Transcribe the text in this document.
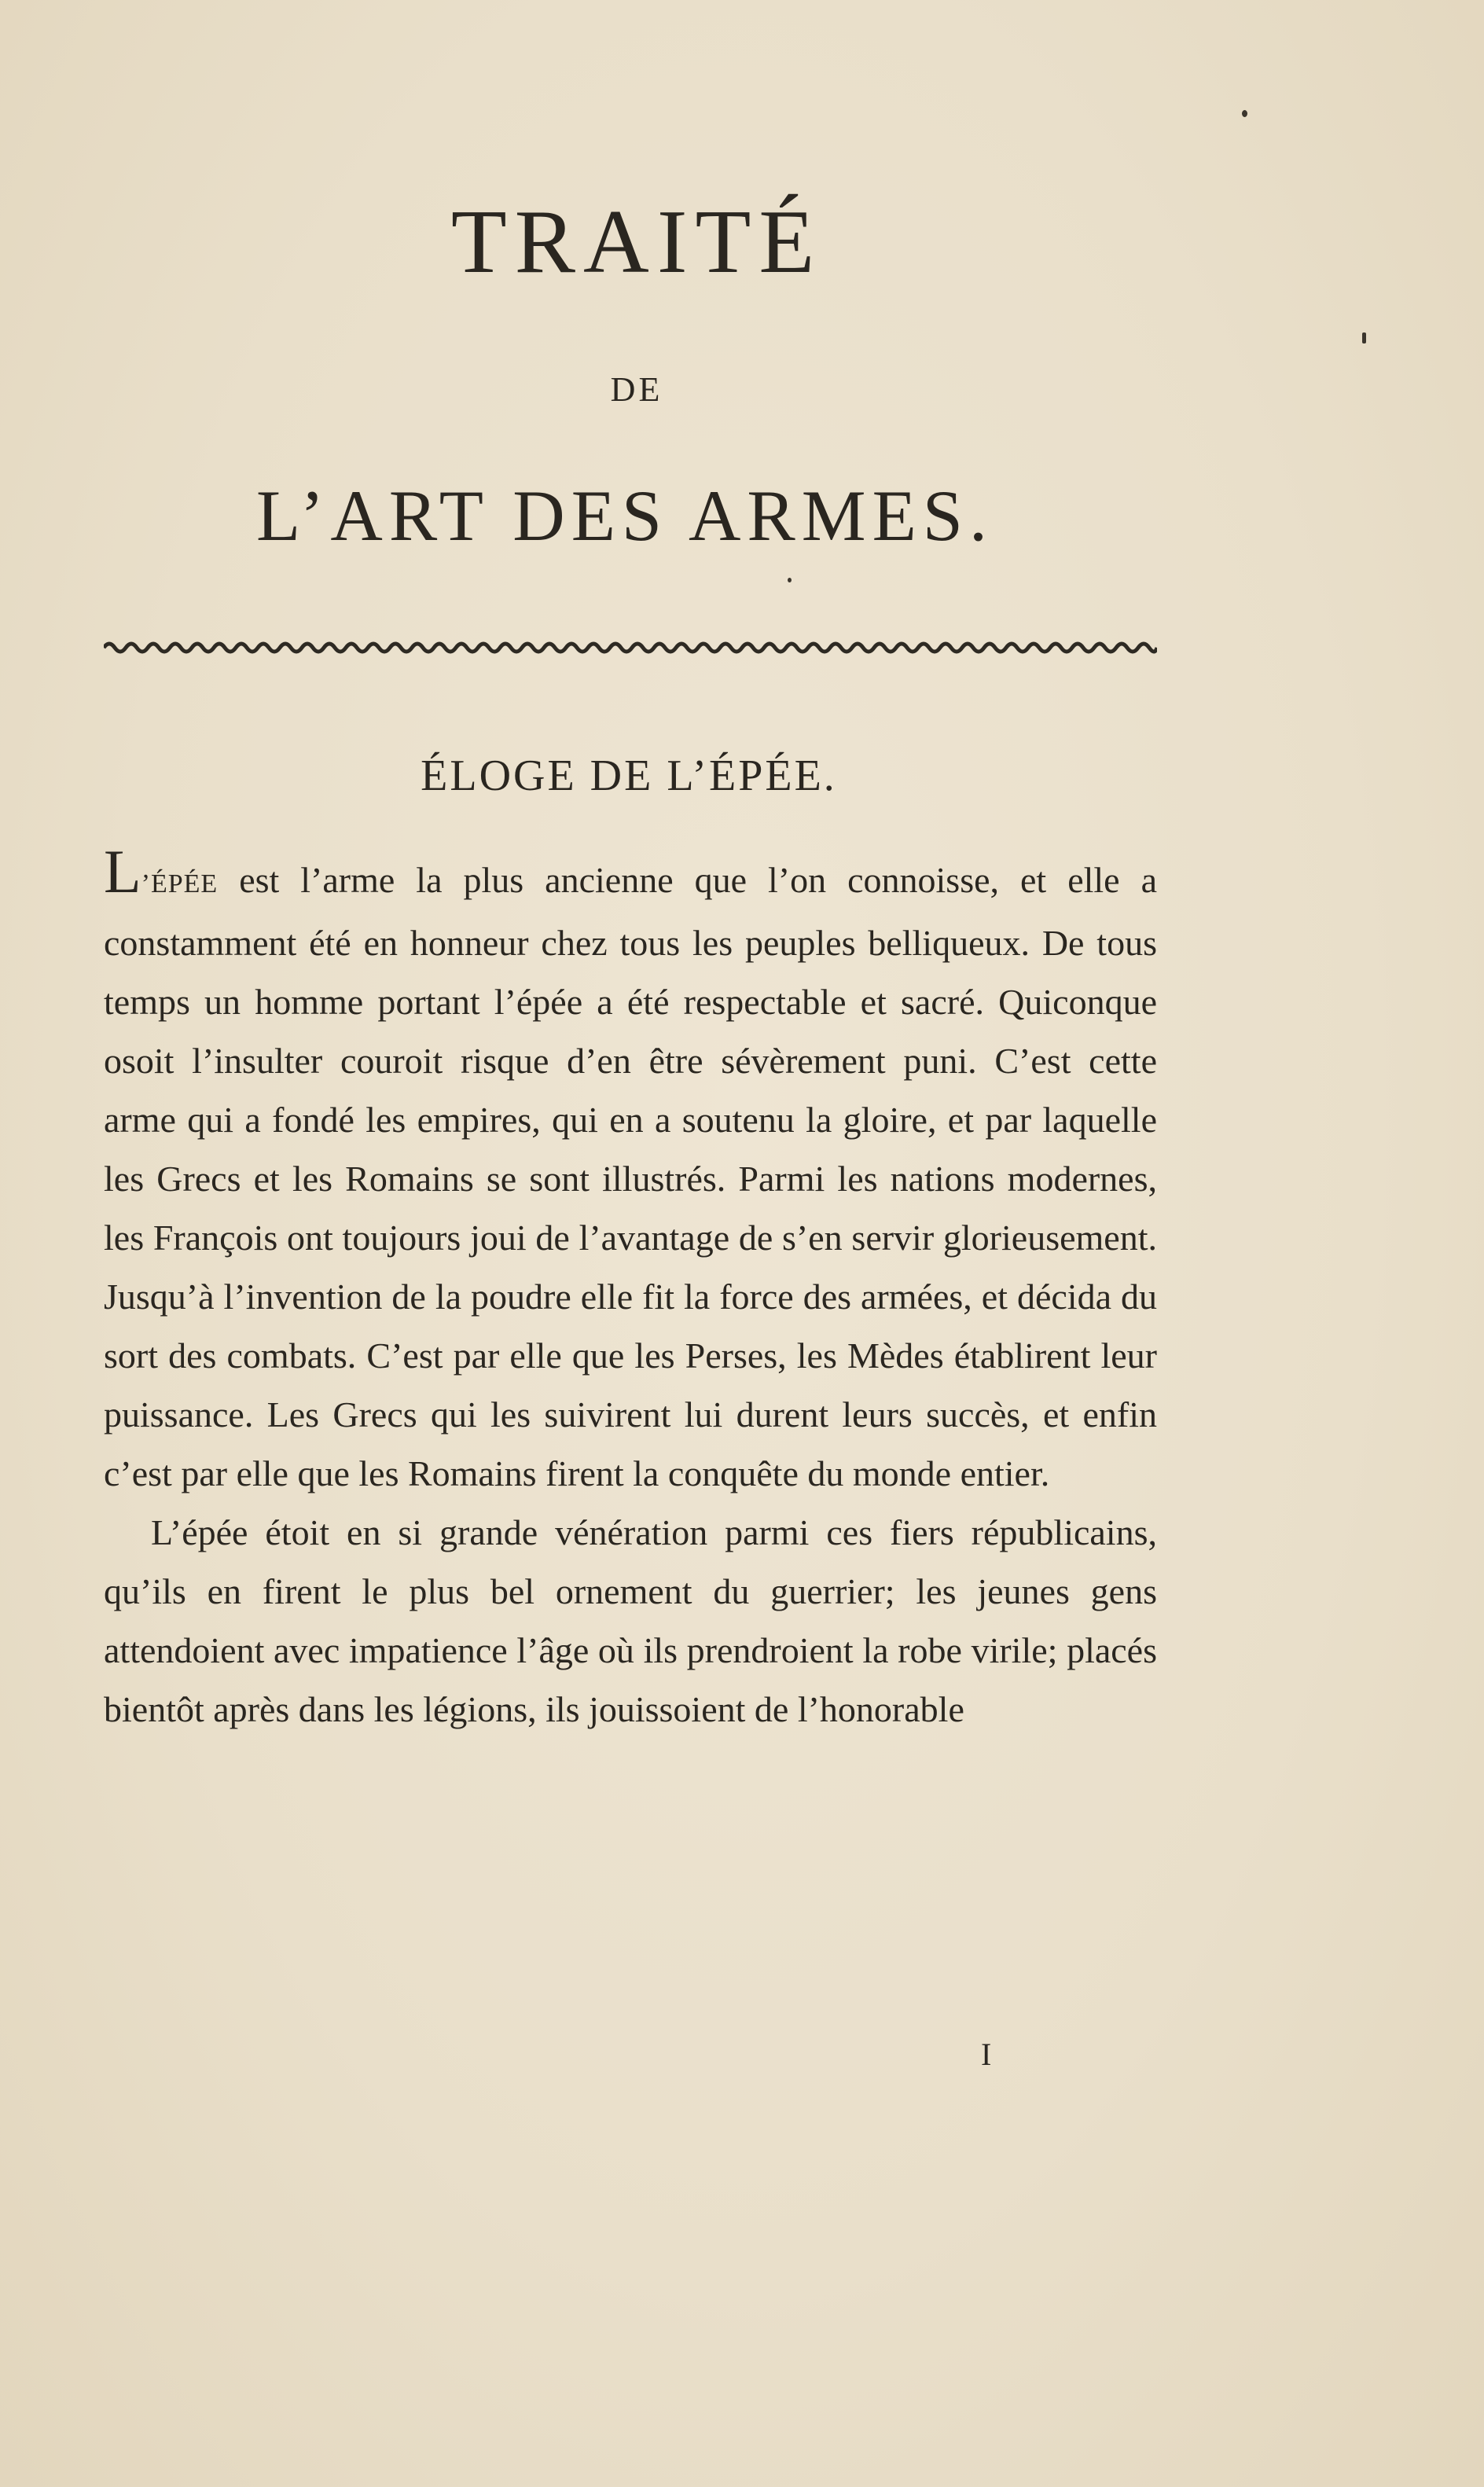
TRAITÉ
DE
L’ART DES ARMES.
ÉLOGE DE L’ÉPÉE.

L’ÉPÉE est l’arme la plus ancienne que l’on connoisse, et elle a constamment été en honneur chez tous les peuples belliqueux. De tous temps un homme portant l’épée a été respectable et sacré. Quiconque osoit l’insulter couroit risque d’en être sévèrement puni. C’est cette arme qui a fondé les empires, qui en a soutenu la gloire, et par laquelle les Grecs et les Romains se sont illustrés. Parmi les nations modernes, les François ont toujours joui de l’avantage de s’en servir glorieusement. Jusqu’à l’invention de la poudre elle fit la force des armées, et décida du sort des combats. C’est par elle que les Perses, les Mèdes établirent leur puissance. Les Grecs qui les suivirent lui durent leurs succès, et enfin c’est par elle que les Romains firent la conquête du monde entier.

L’épée étoit en si grande vénération parmi ces fiers républicains, qu’ils en firent le plus bel ornement du guerrier; les jeunes gens attendoient avec impatience l’âge où ils prendroient la robe virile; placés bientôt après dans les légions, ils jouissoient de l’honorable

I
